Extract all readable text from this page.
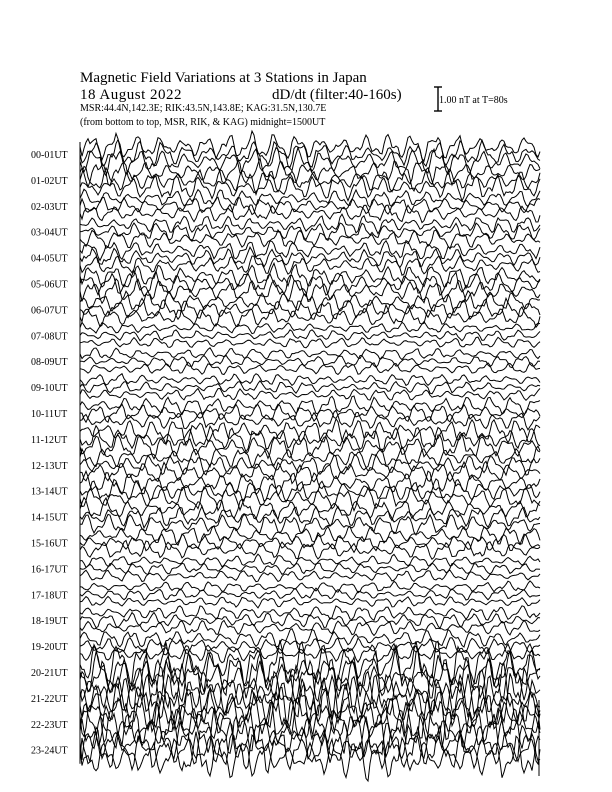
Magnetic Field Variations at 3 Stations in Japan
18 August 2022	dD/dt (filter:40-160s)
MSR:44.4N,142.3E; RIK:43.5N,143.8E; KAG:31.5N,130.7E
(from bottom to top, MSR, RIK, & KAG) midnight=1500UT
1.00 nT at T=80s
00-01UT
01-02UT
02-03UT
03-04UT
04-05UT
05-06UT
06-07UT
07-08UT
08-09UT
09-10UT
10-11UT
11-12UT
12-13UT
13-14UT
14-15UT
15-16UT
16-17UT
17-18UT
18-19UT
19-20UT
20-21UT
21-22UT
22-23UT
23-24UT
